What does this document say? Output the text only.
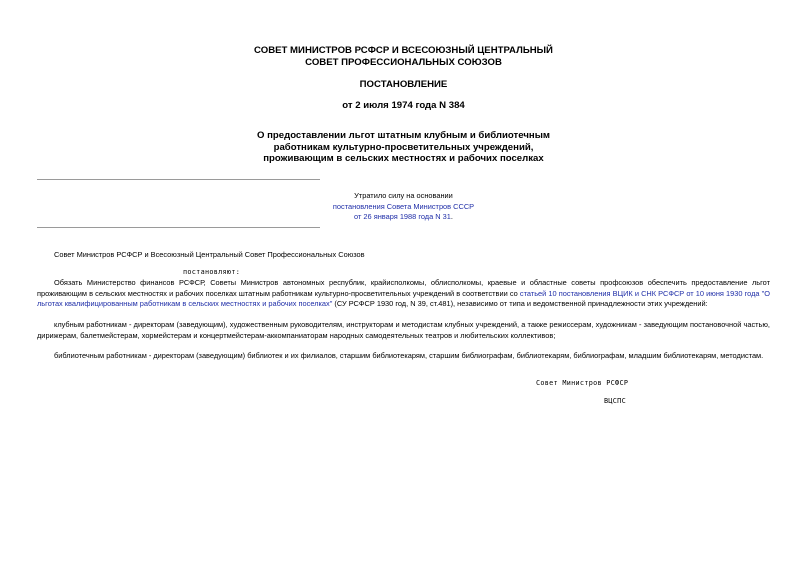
СОВЕТ МИНИСТРОВ РСФСР И ВСЕСОЮЗНЫЙ ЦЕНТРАЛЬНЫЙ
СОВЕТ ПРОФЕССИОНАЛЬНЫХ СОЮЗОВ
ПОСТАНОВЛЕНИЕ
от 2 июля 1974 года N 384
О предоставлении льгот штатным клубным и библиотечным
работникам культурно-просветительных учреждений,
проживающим в сельских местностях и рабочих поселках
Утратило силу на основании
постановления Совета Министров СССР
от 26 января 1988 года N 31.
Совет Министров РСФСР и Всесоюзный Центральный Совет Профессиональных Союзов
постановляют:
Обязать Министерство финансов РСФСР, Советы Министров автономных республик, крайисполкомы, облисполкомы, краевые и областные советы профсоюзов обеспечить предоставление льгот проживающим в сельских местностях и рабочих поселках штатным работникам культурно-просветительных учреждений в соответствии со статьей 10 постановления ВЦИК и СНК РСФСР от 10 июня 1930 года "О льготах квалифицированным работникам в сельских местностях и рабочих поселках" (СУ РСФСР 1930 год, N 39, ст.481), независимо от типа и ведомственной принадлежности этих учреждений:
клубным работникам - директорам (заведующим), художественным руководителям, инструкторам и методистам клубных учреждений, а также режиссерам, художникам - заведующим постановочной частью, дирижерам, балетмейстерам, хормейстерам и концертмейстерам-аккомпаниаторам народных самодеятельных театров и любительских коллективов;
библиотечным работникам - директорам (заведующим) библиотек и их филиалов, старшим библиотекарям, старшим библиографам, библиотекарям, библиографам, младшим библиотекарям, методистам.
Совет Министров РСФСР
ВЦСПС
